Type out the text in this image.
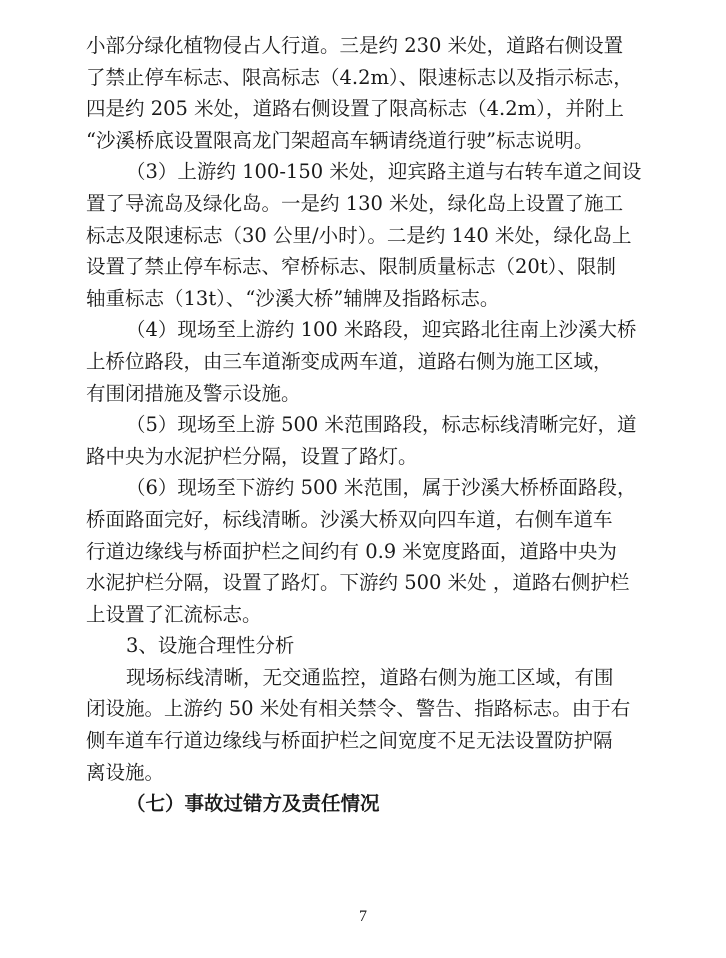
小部分绿化植物侵占人行道。三是约 230 米处，道路右侧设置
了禁止停车标志、限高标志（4.2m）、限速标志以及指示标志，
四是约 205 米处，道路右侧设置了限高标志（4.2m），并附上
“沙溪桥底设置限高龙门架超高车辆请绕道行驶”标志说明。
（3）上游约 100-150 米处，迎宾路主道与右转车道之间设
置了导流岛及绿化岛。一是约 130 米处，绿化岛上设置了施工
标志及限速标志（30 公里/小时）。二是约 140 米处，绿化岛上
设置了禁止停车标志、窄桥标志、限制质量标志（20t）、限制
轴重标志（13t）、“沙溪大桥”辅牌及指路标志。
（4）现场至上游约 100 米路段，迎宾路北往南上沙溪大桥
上桥位路段，由三车道渐变成两车道，道路右侧为施工区域，
有围闭措施及警示设施。
（5）现场至上游 500 米范围路段，标志标线清晰完好，道
路中央为水泥护栏分隔，设置了路灯。
（6）现场至下游约 500 米范围，属于沙溪大桥桥面路段，
桥面路面完好，标线清晰。沙溪大桥双向四车道，右侧车道车
行道边缘线与桥面护栏之间约有 0.9 米宽度路面，道路中央为
水泥护栏分隔，设置了路灯。下游约 500 米处 ，道路右侧护栏
上设置了汇流标志。
3、设施合理性分析
现场标线清晰，无交通监控，道路右侧为施工区域，有围
闭设施。上游约 50 米处有相关禁令、警告、指路标志。由于右
侧车道车行道边缘线与桥面护栏之间宽度不足无法设置防护隔
离设施。
（七）事故过错方及责任情况
7
